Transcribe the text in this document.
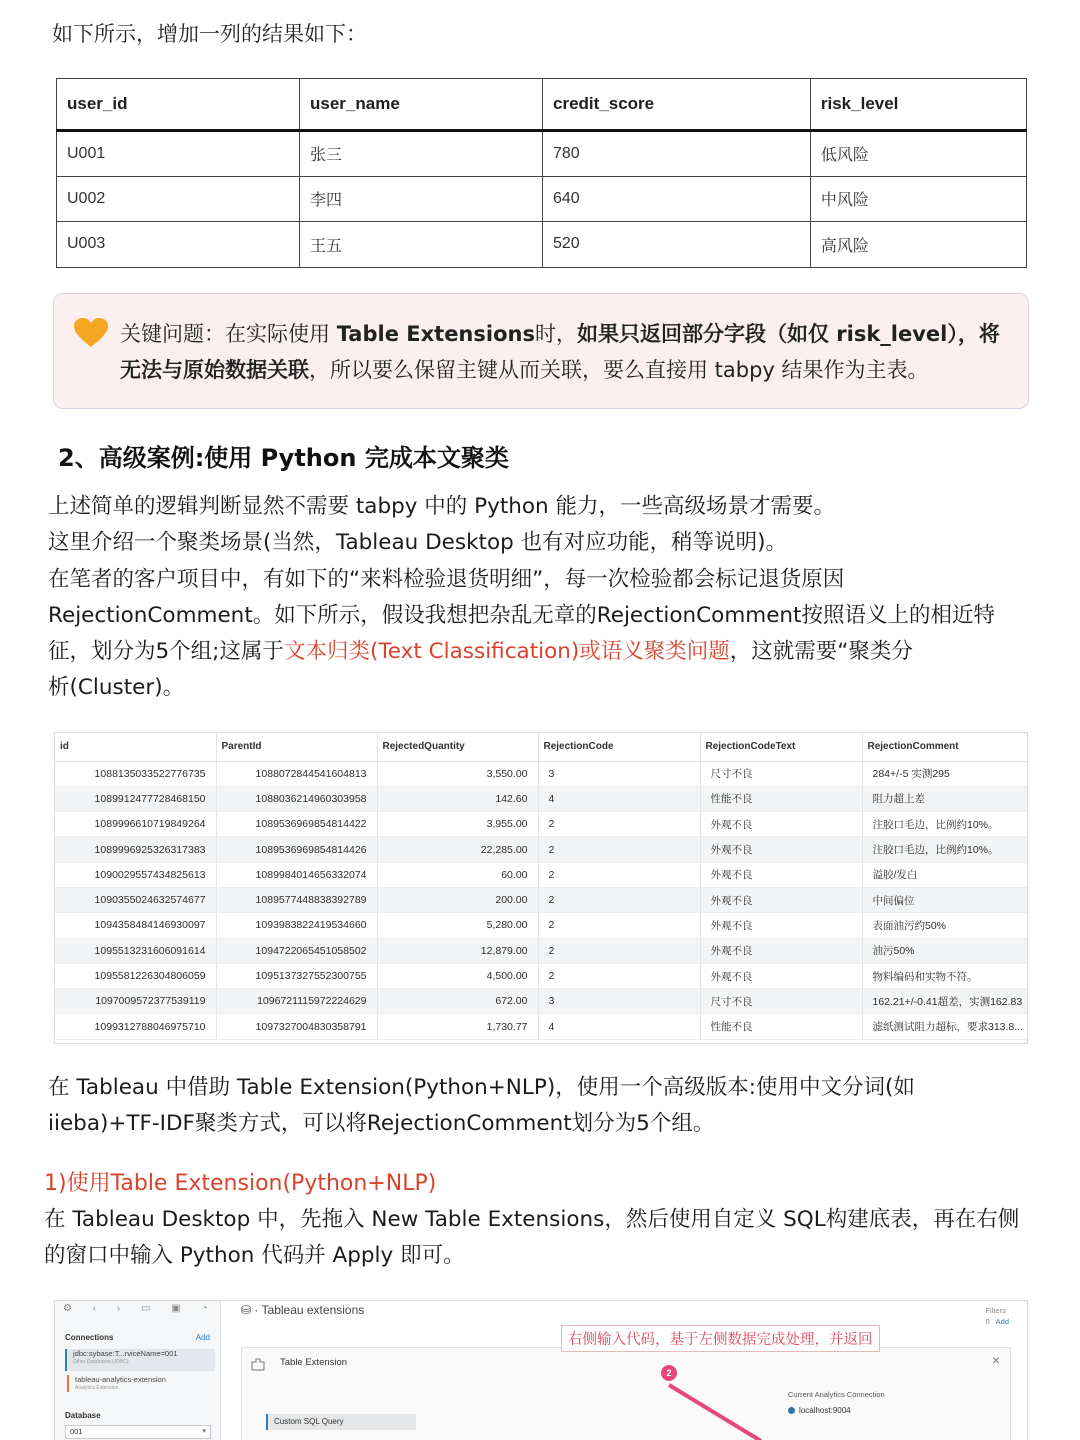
如下所示，增加一列的结果如下：
user_id	user_name	credit_score	risk_level
U001	张三	780	低风险
U002	李四	640	中风险
U003	王五	520	高风险
关键问题：在实际使用 Table Extensions时，如果只返回部分字段（如仅 risk_level），将无法与原始数据关联，所以要么保留主键从而关联，要么直接用 tabpy 结果作为主表。
2、高级案例:使用 Python 完成本文聚类
上述简单的逻辑判断显然不需要 tabpy 中的 Python 能力，一些高级场景才需要。
这里介绍一个聚类场景(当然，Tableau Desktop 也有对应功能，稍等说明)。
在笔者的客户项目中，有如下的“来料检验退货明细”，每一次检验都会标记退货原因
RejectionComment。如下所示，假设我想把杂乱无章的RejectionComment按照语义上的相近特
征，划分为5个组;这属于文本归类(Text Classification)或语义聚类问题，这就需要“聚类分
析(Cluster)。
id	ParentId	RejectedQuantity	RejectionCode	RejectionCodeText	RejectionComment
1088135033522776735	1088072844541604813	3,550.00	3	尺寸不良	284+/-5 实测295
1089912477728468150	1088036214960303958	142.60	4	性能不良	阻力超上差
1089996610719849264	1089536969854814422	3,955.00	2	外观不良	注胶口毛边，比例约10%。
1089996925326317383	1089536969854814426	22,285.00	2	外观不良	注胶口毛边，比例约10%。
1090029557434825613	1089984014656332074	60.00	2	外观不良	溢胶/发白
1090355024632574677	1089577448838392789	200.00	2	外观不良	中间偏位
1094358484146930097	1093983822419534660	5,280.00	2	外观不良	表面油污约50%
1095513231606091614	1094722065451058502	12,879.00	2	外观不良	油污50%
1095581226304806059	1095137327552300755	4,500.00	2	外观不良	物料编码和实物不符。
1097009572377539119	1096721115972224629	672.00	3	尺寸不良	162.21+/-0.41超差，实测162.83
1099312788046975710	1097327004830358791	1,730.77	4	性能不良	滤纸测试阻力超标，要求313.8...
在 Tableau 中借助 Table Extension(Python+NLP)，使用一个高级版本:使用中文分词(如
iieba)+TF-IDF聚类方式，可以将RejectionComment划分为5个组。
1)使用Table Extension(Python+NLP)
在 Tableau Desktop 中，先拖入 New Table Extensions，然后使用自定义 SQL构建底表，再在右侧
的窗口中输入 Python 代码并 Apply 即可。
⚙ ‹ › ▭ ▣ ◔
Connections	Add
jdbc:sybase:T...rviceName=001
Other Databases (JDBC)
tableau-analytics-extension
Analytics Extension
Database
001	▾
⛁ · Tableau extensions	Filters
0 Add
Table Extension	×
Custom SQL Query
Current Analytics Connection
localhost:9004
右侧输入代码，基于左侧数据完成处理，并返回
2
